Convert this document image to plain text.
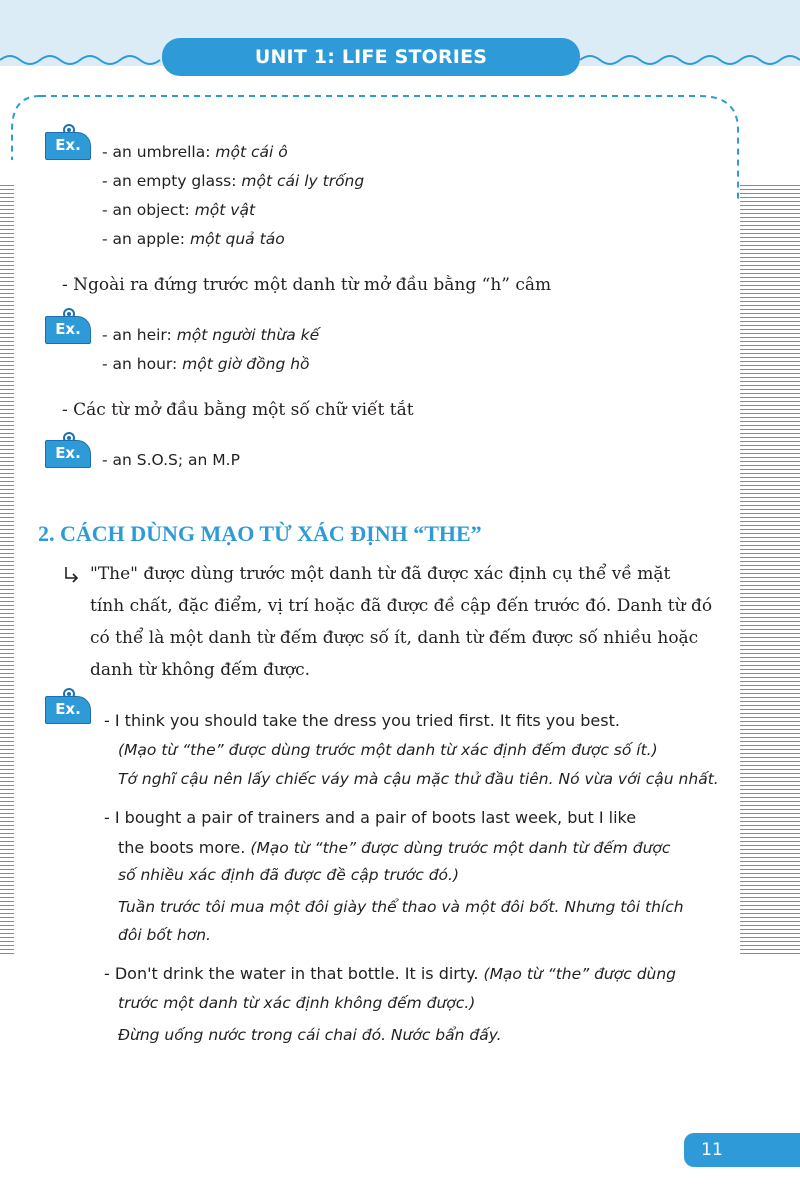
UNIT 1: LIFE STORIES
Ex.	- an umbrella: một cái ô
- an empty glass: một cái ly trống
- an object: một vật
- an apple: một quả táo
- Ngoài ra đứng trước một danh từ mở đầu bằng “h” câm
Ex.	- an heir: một người thừa kế
- an hour: một giờ đồng hồ
- Các từ mở đầu bằng một số chữ viết tắt
Ex.	- an S.O.S; an M.P
2. CÁCH DÙNG MẠO TỪ XÁC ĐỊNH “THE”
"The" được dùng trước một danh từ đã được xác định cụ thể về mặt
tính chất, đặc điểm, vị trí hoặc đã được đề cập đến trước đó. Danh từ đó
có thể là một danh từ đếm được số ít, danh từ đếm được số nhiều hoặc
danh từ không đếm được.
Ex.
- I think you should take the dress you tried first. It fits you best.
(Mạo từ “the” được dùng trước một danh từ xác định đếm được số ít.)
Tớ nghĩ cậu nên lấy chiếc váy mà cậu mặc thử đầu tiên. Nó vừa với cậu nhất.
- I bought a pair of trainers and a pair of boots last week, but I like
the boots more. (Mạo từ “the” được dùng trước một danh từ đếm được
số nhiều xác định đã được đề cập trước đó.)
Tuần trước tôi mua một đôi giày thể thao và một đôi bốt. Nhưng tôi thích
đôi bốt hơn.
- Don't drink the water in that bottle. It is dirty. (Mạo từ “the” được dùng
trước một danh từ xác định không đếm được.)
Đừng uống nước trong cái chai đó. Nước bẩn đấy.
11
